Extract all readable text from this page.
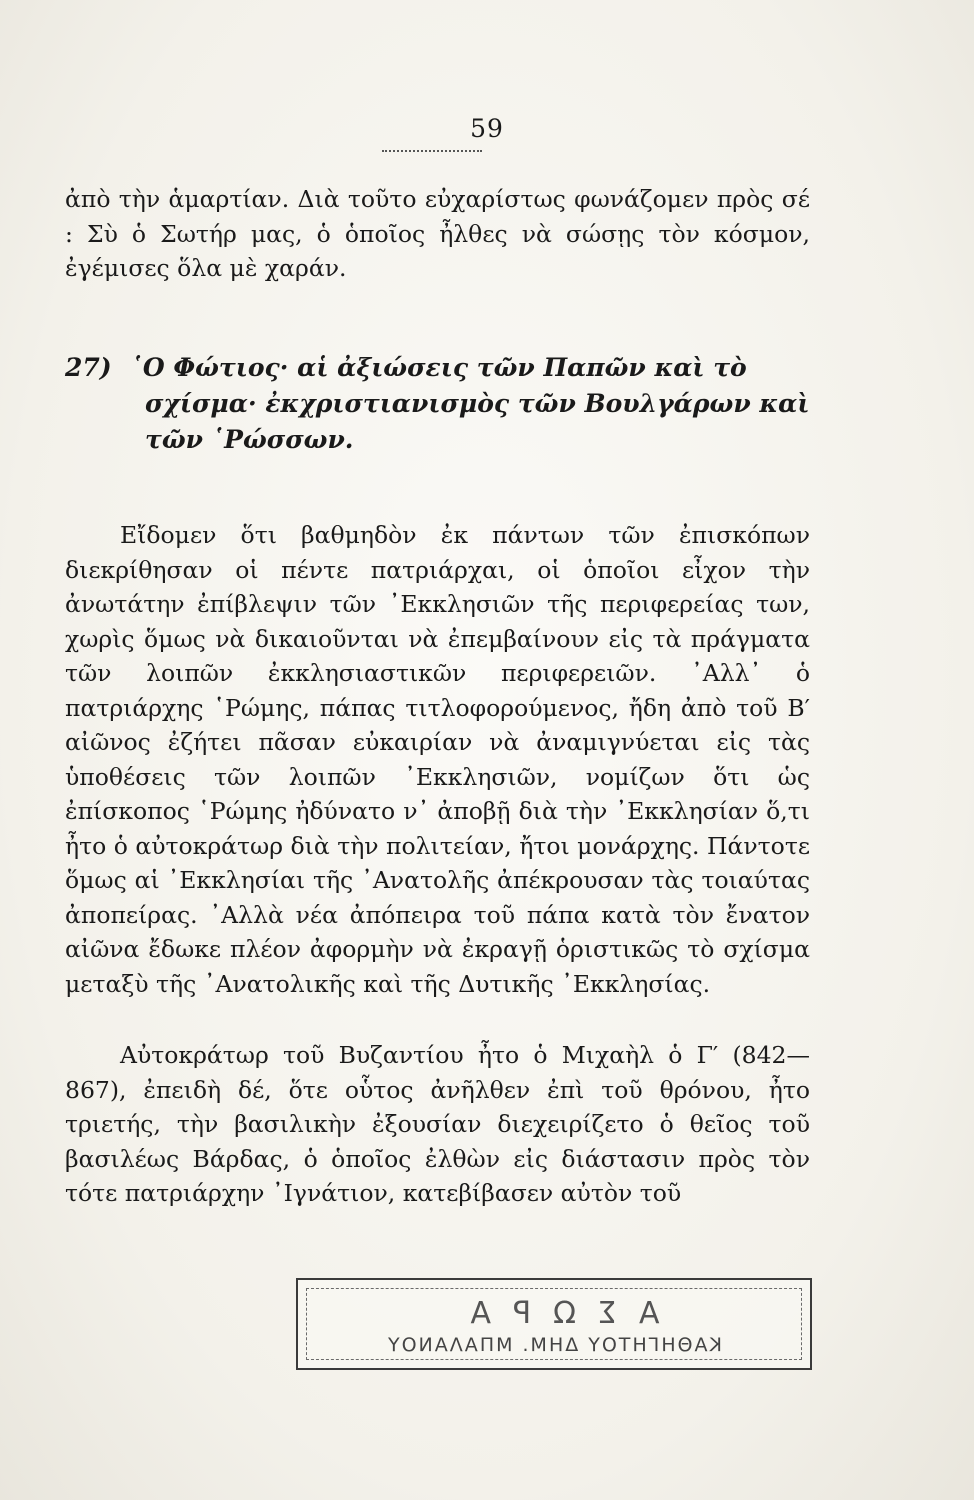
59

ἀπὸ τὴν ἁμαρτίαν. Διὰ τοῦτο εὐχαρίστως φωνάζομεν πρὸς σέ : Σὺ ὁ Σωτήρ μας, ὁ ὁποῖος ἦλθες νὰ σώσῃς τὸν κόσμον, ἐγέμισες ὅλα μὲ χαράν.

27) ῾Ο Φώτιος· αἱ ἀξιώσεις τῶν Παπῶν καὶ τὸ
σχίσμα· ἐκχριστιανισμὸς τῶν Βουλγάρων καὶ
τῶν ῾Ρώσσων.

Εἴδομεν ὅτι βαθμηδὸν ἐκ πάντων τῶν ἐπισκόπων διεκρίθησαν οἱ πέντε πατριάρχαι, οἱ ὁποῖοι εἶχον τὴν ἀνωτάτην ἐπίβλεψιν τῶν ᾿Εκκλησιῶν τῆς περιφερείας των, χωρὶς ὅμως νὰ δικαιοῦνται νὰ ἐπεμβαίνουν εἰς τὰ πράγματα τῶν λοιπῶν ἐκκλησιαστικῶν περιφερειῶν. ᾿Αλλ᾿ ὁ πατριάρχης ῾Ρώμης, πάπας τιτλοφορούμενος, ἤδη ἀπὸ τοῦ Β′ αἰῶνος ἐζήτει πᾶσαν εὐκαιρίαν νὰ ἀναμιγνύεται εἰς τὰς ὑποθέσεις τῶν λοιπῶν ᾿Εκκλησιῶν, νομίζων ὅτι ὡς ἐπίσκοπος ῾Ρώμης ἠδύνατο ν᾿ ἀποβῇ διὰ τὴν ᾿Εκκλησίαν ὅ,τι ἦτο ὁ αὐτοκράτωρ διὰ τὴν πολιτείαν, ἤτοι μονάρχης. Πάντοτε ὅμως αἱ ᾿Εκκλησίαι τῆς ᾿Ανατολῆς ἀπέκρουσαν τὰς τοιαύτας ἀποπείρας. ᾿Αλλὰ νέα ἀπόπειρα τοῦ πάπα κατὰ τὸν ἔνατον αἰῶνα ἔδωκε πλέον ἀφορμὴν νὰ ἐκραγῇ ὁριστικῶς τὸ σχίσμα μεταξὺ τῆς ᾿Ανατολικῆς καὶ τῆς Δυτικῆς ᾿Εκκλησίας.

Αὐτοκράτωρ τοῦ Βυζαντίου ἦτο ὁ Μιχαὴλ ὁ Γ′ (842—867), ἐπειδὴ δέ, ὅτε οὗτος ἀνῆλθεν ἐπὶ τοῦ θρόνου, ἦτο τριετής, τὴν βασιλικὴν ἐξουσίαν διεχειρίζετο ὁ θεῖος τοῦ βασιλέως Βάρδας, ὁ ὁποῖος ἐλθὼν εἰς διάστασιν πρὸς τὸν τότε πατριάρχην ᾿Ιγνάτιον, κατεβίβασεν αὐτὸν τοῦ

ΑΣΩΡΑ
ΚΑΘΗΓΗΤΟΥ ΔΗΜ. ΜΠΑΛΑΝΟΥ
